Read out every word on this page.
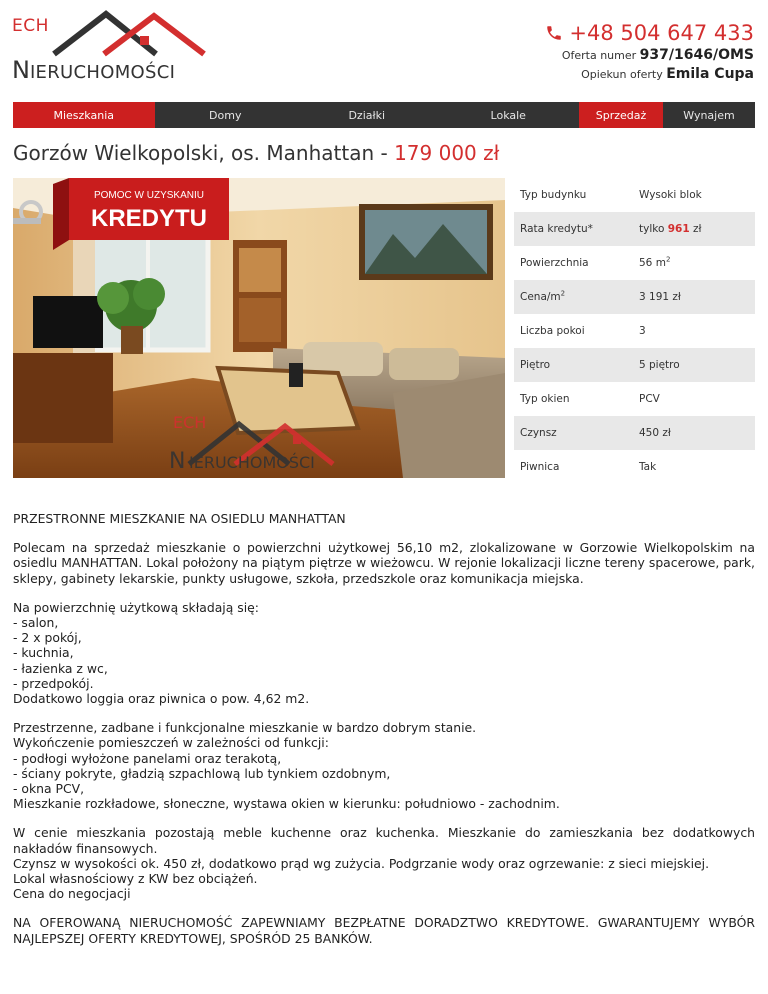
ECH
NIERUCHOMOŚCI
+48 504 647 433
Oferta numer 937/1646/OMS
Opiekun oferty Emila Cupa
Mieszkania	Domy	Działki	Lokale	Sprzedaż	Wynajem
Gorzów Wielkopolski, os. Manhattan - 179 000 zł
POMOC W UZYSKANIU
KREDYTU
ECH
N IERUCHOMOŚCI
Typ budynku	Wysoki blok
Rata kredytu*	tylko 961 zł
Powierzchnia	56 $m^2$
Cena/$m^2$	3 191 zł
Liczba pokoi	3
Piętro	5 piętro
Typ okien	PCV
Czynsz	450 zł
Piwnica	Tak

PRZESTRONNE MIESZKANIE NA OSIEDLU MANHATTAN

Polecam na sprzedaż mieszkanie o powierzchni użytkowej 56,10 m2, zlokalizowane w Gorzowie Wielkopolskim na osiedlu MANHATTAN. Lokal położony na piątym piętrze w wieżowcu. W rejonie lokalizacji liczne tereny spacerowe, park, sklepy, gabinety lekarskie, punkty usługowe, szkoła, przedszkole oraz komunikacja miejska.

Na powierzchnię użytkową składają się:
- salon,
- 2 x pokój,
- kuchnia,
- łazienka z wc,
- przedpokój.
Dodatkowo loggia oraz piwnica o pow. 4,62 m2.

Przestrzenne, zadbane i funkcjonalne mieszkanie w bardzo dobrym stanie.
Wykończenie pomieszczeń w zależności od funkcji:
- podłogi wyłożone panelami oraz terakotą,
- ściany pokryte, gładzią szpachlową lub tynkiem ozdobnym,
- okna PCV,
Mieszkanie rozkładowe, słoneczne, wystawa okien w kierunku: południowo - zachodnim.

W cenie mieszkania pozostają meble kuchenne oraz kuchenka. Mieszkanie do zamieszkania bez dodatkowych nakładów finansowych.
Czynsz w wysokości ok. 450 zł, dodatkowo prąd wg zużycia. Podgrzanie wody oraz ogrzewanie: z sieci miejskiej.
Lokal własnościowy z KW bez obciążeń.
Cena do negocjacji

NA OFEROWANĄ NIERUCHOMOŚĆ ZAPEWNIAMY BEZPŁATNE DORADZTWO KREDYTOWE. GWARANTUJEMY WYBÓR NAJLEPSZEJ OFERTY KREDYTOWEJ, SPOŚRÓD 25 BANKÓW.
